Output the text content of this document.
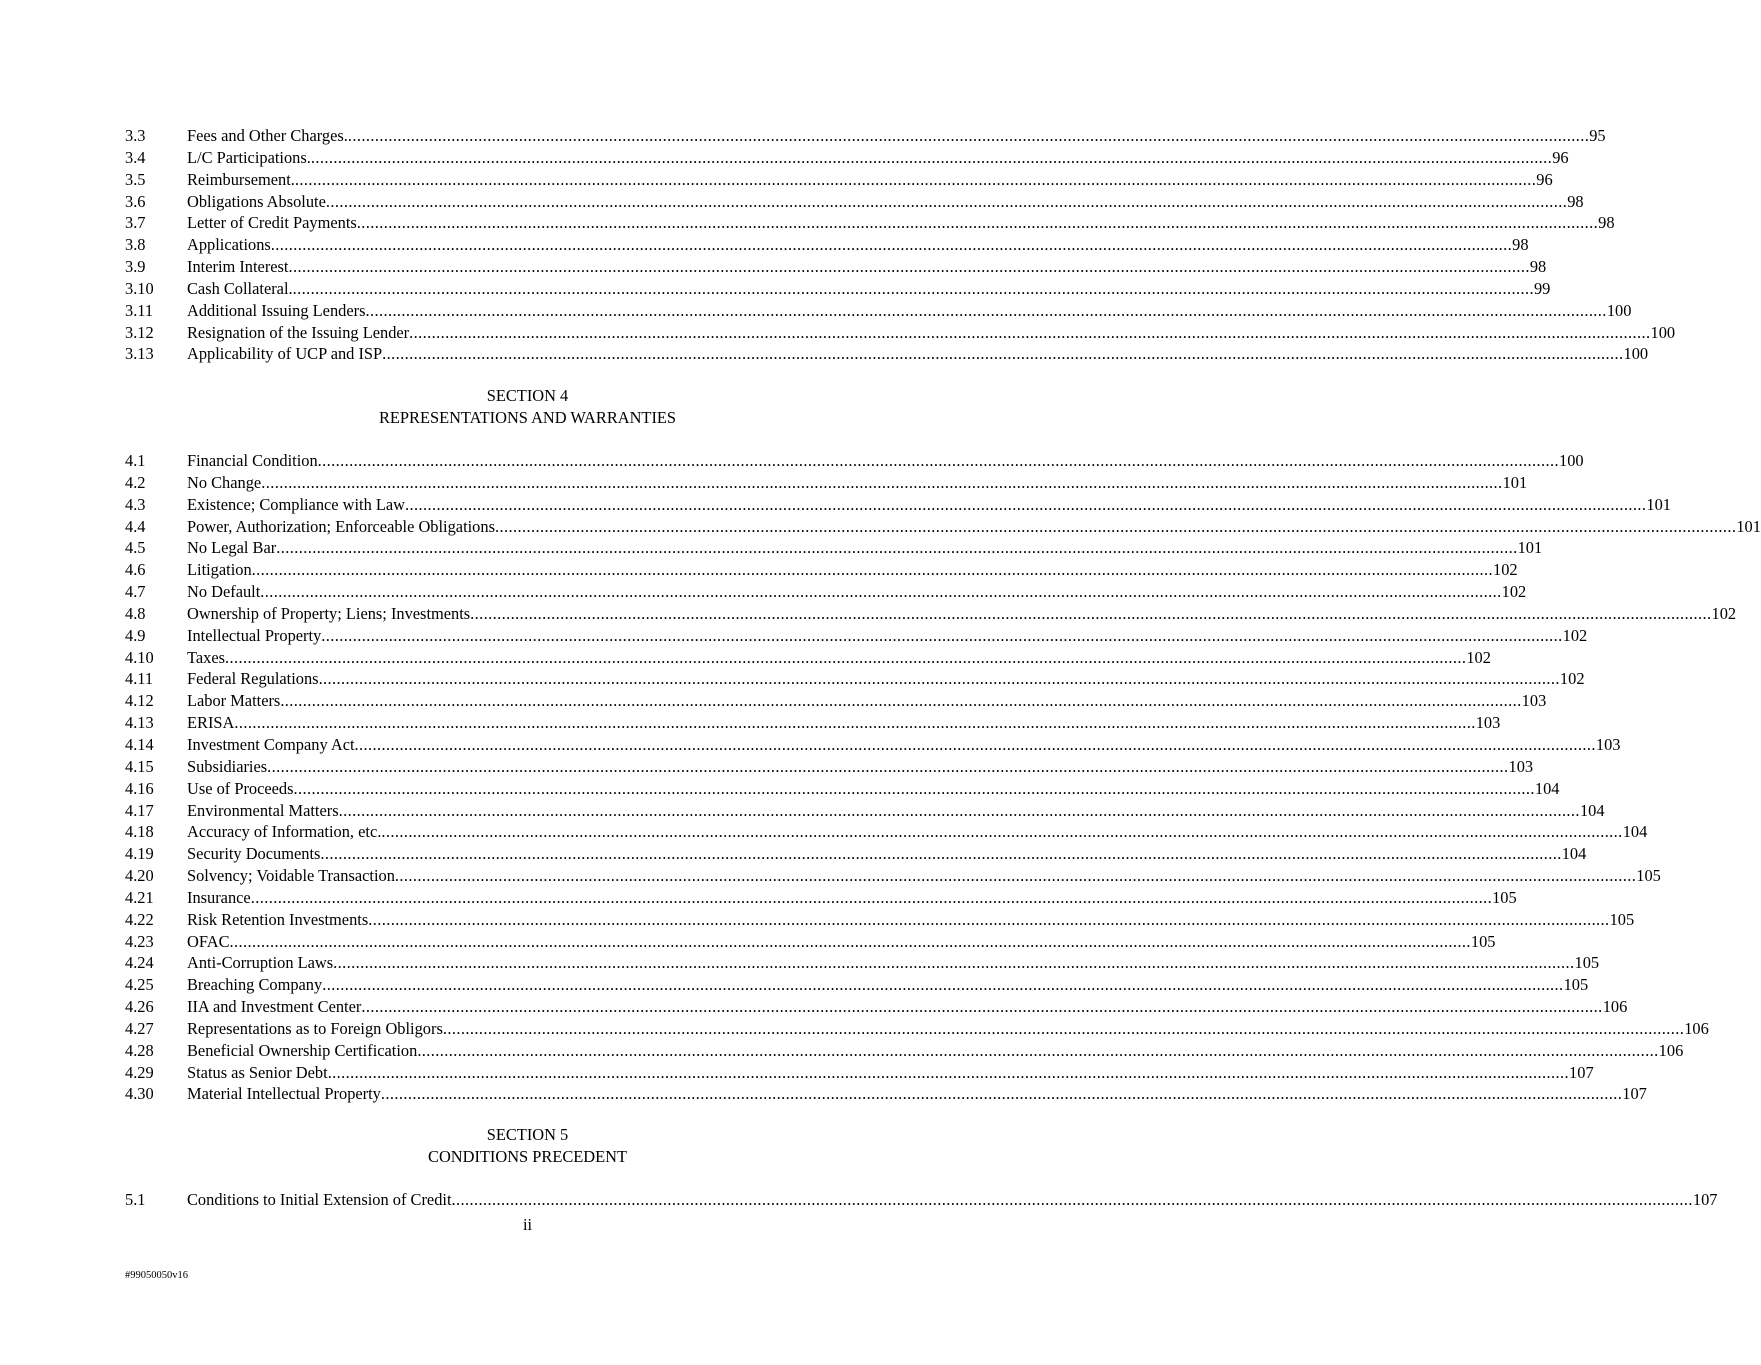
3.3	Fees and Other Charges. .....	95
3.4	L/C Participations. .....	96
3.5	Reimbursement. .....	96
3.6	Obligations Absolute .....	98
3.7	Letter of Credit Payments .....	98
3.8	Applications .....	98
3.9	Interim Interest .....	98
3.10	Cash Collateral. .....	99
3.11	Additional Issuing Lenders .....	100
3.12	Resignation of the Issuing Lender .....	100
3.13	Applicability of UCP and ISP .....	100
SECTION 4
REPRESENTATIONS AND WARRANTIES
4.1	Financial Condition .....	100
4.2	No Change .....	101
4.3	Existence; Compliance with Law .....	101
4.4	Power, Authorization; Enforceable Obligations .....	101
4.5	No Legal Bar .....	101
4.6	Litigation .....	102
4.7	No Default .....	102
4.8	Ownership of Property; Liens; Investments .....	102
4.9	Intellectual Property .....	102
4.10	Taxes .....	102
4.11	Federal Regulations .....	102
4.12	Labor Matters .....	103
4.13	ERISA .....	103
4.14	Investment Company Act .....	103
4.15	Subsidiaries .....	103
4.16	Use of Proceeds .....	104
4.17	Environmental Matters .....	104
4.18	Accuracy of Information, etc. .....	104
4.19	Security Documents .....	104
4.20	Solvency; Voidable Transaction .....	105
4.21	Insurance .....	105
4.22	Risk Retention Investments .....	105
4.23	OFAC .....	105
4.24	Anti-Corruption Laws .....	105
4.25	Breaching Company .....	105
4.26	IIA and Investment Center .....	106
4.27	Representations as to Foreign Obligors .....	106
4.28	Beneficial Ownership Certification .....	106
4.29	Status as Senior Debt .....	107
4.30	Material Intellectual Property .....	107
SECTION 5
CONDITIONS PRECEDENT
5.1	Conditions to Initial Extension of Credit .....	107
ii
#99050050v16
